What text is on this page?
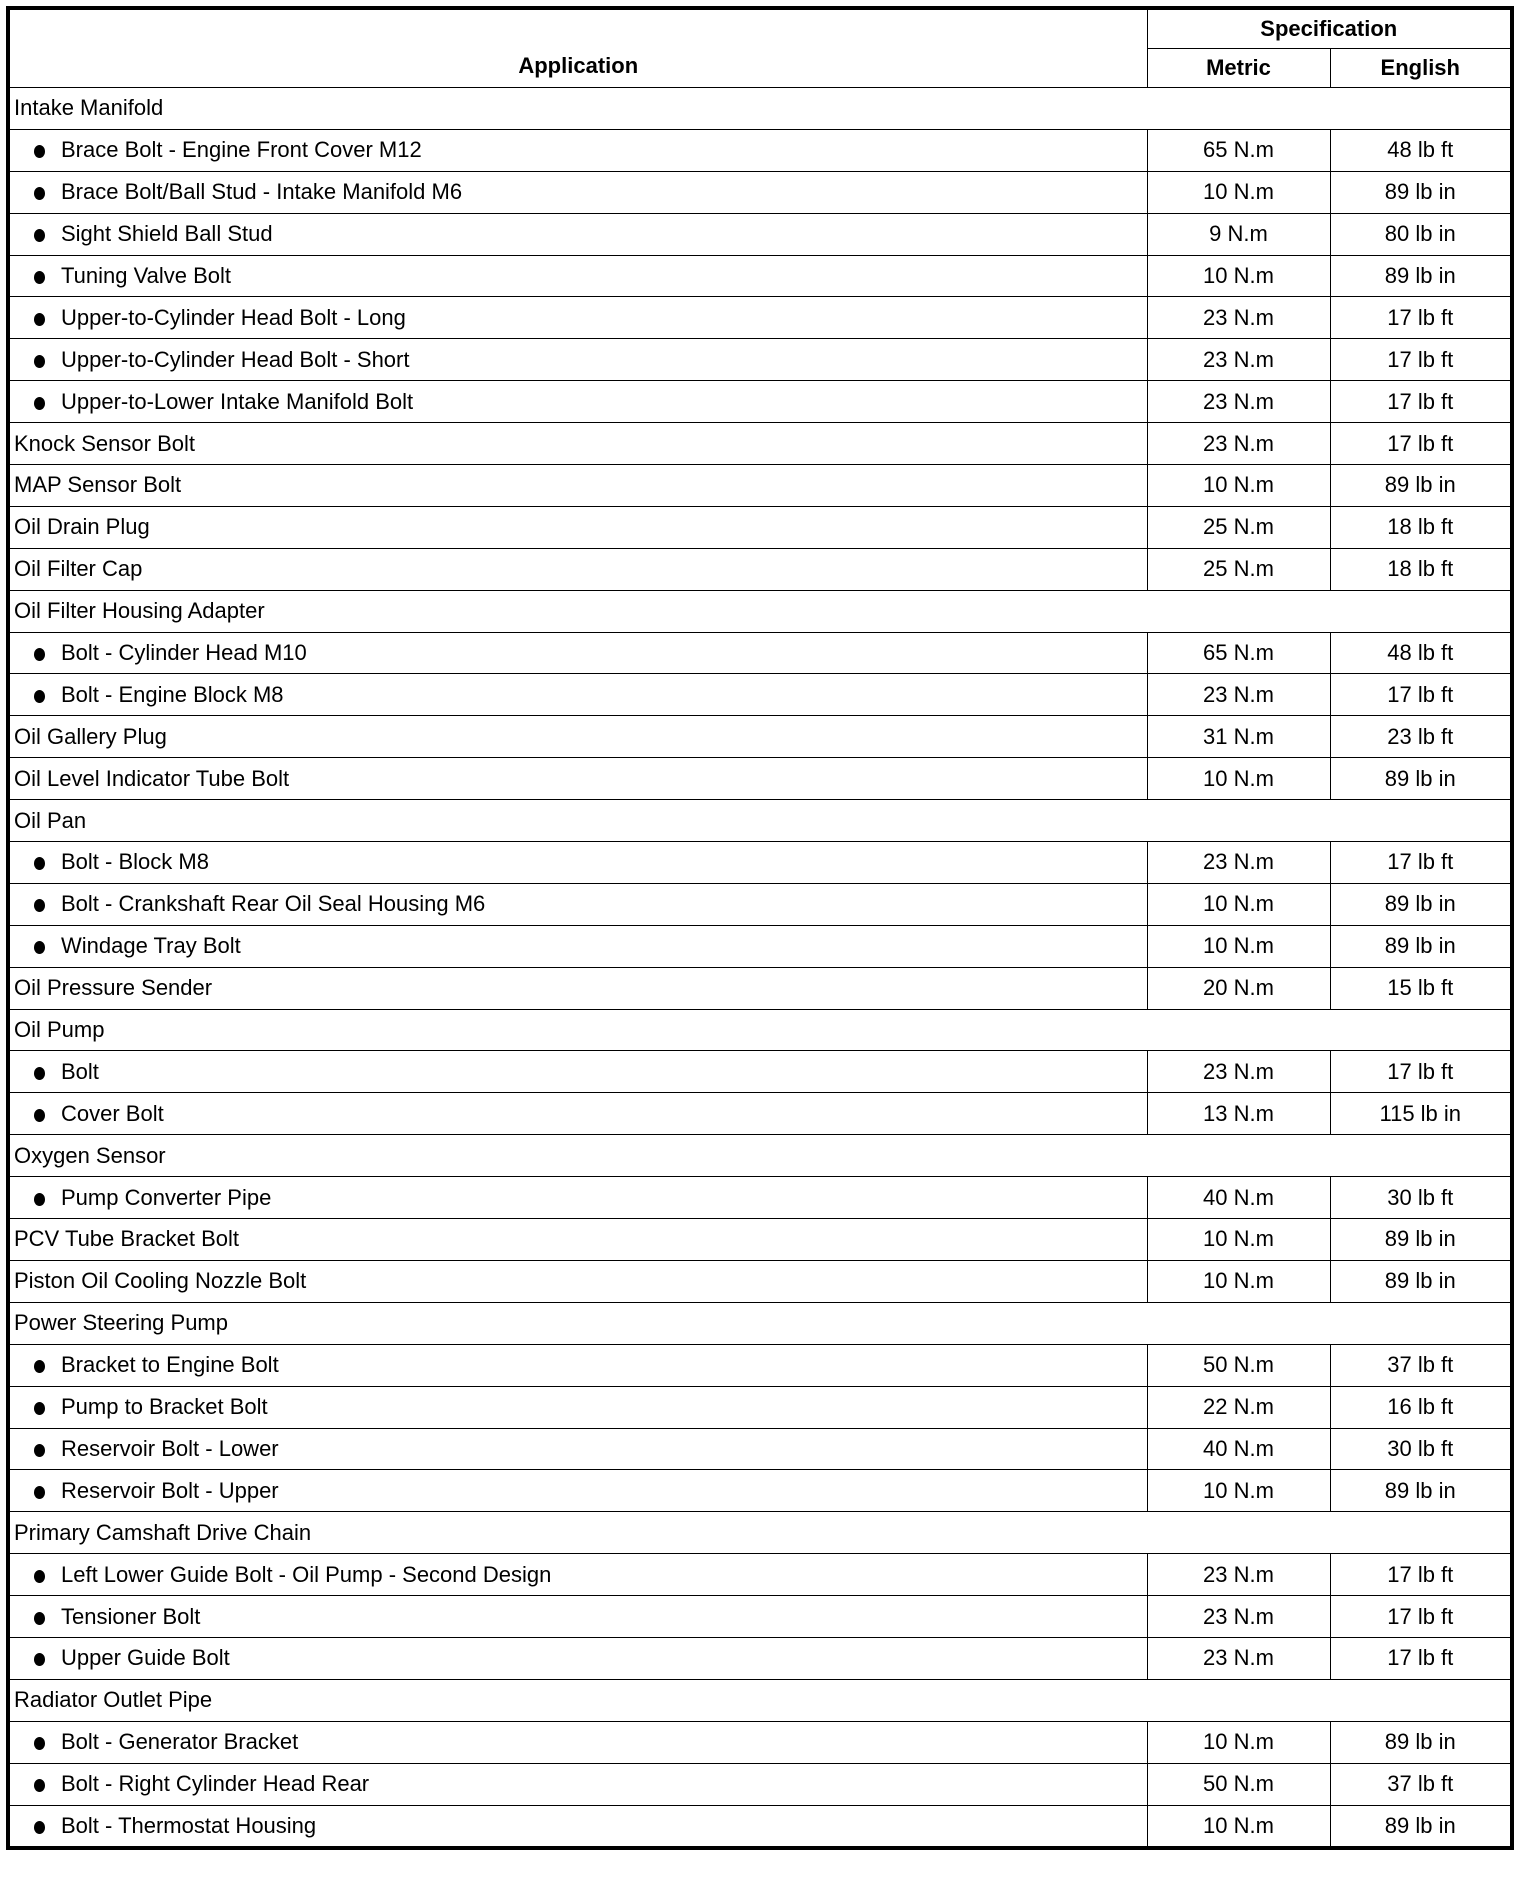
Application	Specification	
	Metric	English
Intake Manifold		
Brace Bolt - Engine Front Cover M12	65 N.m	48 lb ft
Brace Bolt/Ball Stud - Intake Manifold M6	10 N.m	89 lb in
Sight Shield Ball Stud	9 N.m	80 lb in
Tuning Valve Bolt	10 N.m	89 lb in
Upper-to-Cylinder Head Bolt - Long	23 N.m	17 lb ft
Upper-to-Cylinder Head Bolt - Short	23 N.m	17 lb ft
Upper-to-Lower Intake Manifold Bolt	23 N.m	17 lb ft
Knock Sensor Bolt	23 N.m	17 lb ft
MAP Sensor Bolt	10 N.m	89 lb in
Oil Drain Plug	25 N.m	18 lb ft
Oil Filter Cap	25 N.m	18 lb ft
Oil Filter Housing Adapter		
Bolt - Cylinder Head M10	65 N.m	48 lb ft
Bolt - Engine Block M8	23 N.m	17 lb ft
Oil Gallery Plug	31 N.m	23 lb ft
Oil Level Indicator Tube Bolt	10 N.m	89 lb in
Oil Pan		
Bolt - Block M8	23 N.m	17 lb ft
Bolt - Crankshaft Rear Oil Seal Housing M6	10 N.m	89 lb in
Windage Tray Bolt	10 N.m	89 lb in
Oil Pressure Sender	20 N.m	15 lb ft
Oil Pump		
Bolt	23 N.m	17 lb ft
Cover Bolt	13 N.m	115 lb in
Oxygen Sensor		
Pump Converter Pipe	40 N.m	30 lb ft
PCV Tube Bracket Bolt	10 N.m	89 lb in
Piston Oil Cooling Nozzle Bolt	10 N.m	89 lb in
Power Steering Pump		
Bracket to Engine Bolt	50 N.m	37 lb ft
Pump to Bracket Bolt	22 N.m	16 lb ft
Reservoir Bolt - Lower	40 N.m	30 lb ft
Reservoir Bolt - Upper	10 N.m	89 lb in
Primary Camshaft Drive Chain		
Left Lower Guide Bolt - Oil Pump - Second Design	23 N.m	17 lb ft
Tensioner Bolt	23 N.m	17 lb ft
Upper Guide Bolt	23 N.m	17 lb ft
Radiator Outlet Pipe		
Bolt - Generator Bracket	10 N.m	89 lb in
Bolt - Right Cylinder Head Rear	50 N.m	37 lb ft
Bolt - Thermostat Housing	10 N.m	89 lb in
